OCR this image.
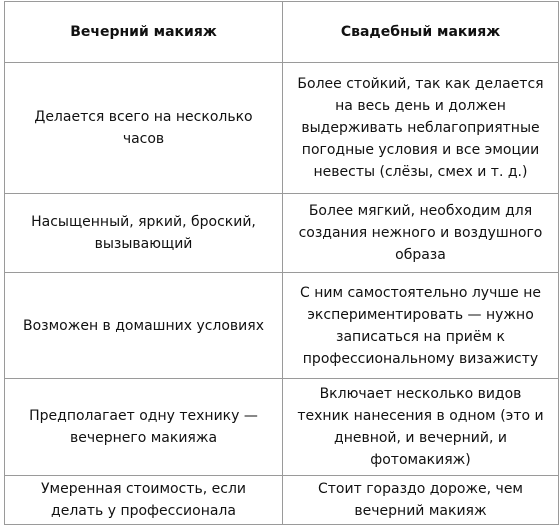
Вечерний макияж	Свадебный макияж
Делается всего на несколько часов	Более стойкий, так как делается на весь день и должен выдерживать неблагоприятные погодные условия и все эмоции невесты (слёзы, смех и т. д.)
Насыщенный, яркий, броский, вызывающий	Более мягкий, необходим для создания нежного и воздушного образа
Возможен в домашних условиях	С ним самостоятельно лучше не экспериментировать — нужно записаться на приём к профессиональному визажисту
Предполагает одну технику — вечернего макияжа	Включает несколько видов техник нанесения в одном (это и дневной, и вечерний, и фотомакияж)
Умеренная стоимость, если делать у профессионала	Стоит гораздо дороже, чем вечерний макияж
